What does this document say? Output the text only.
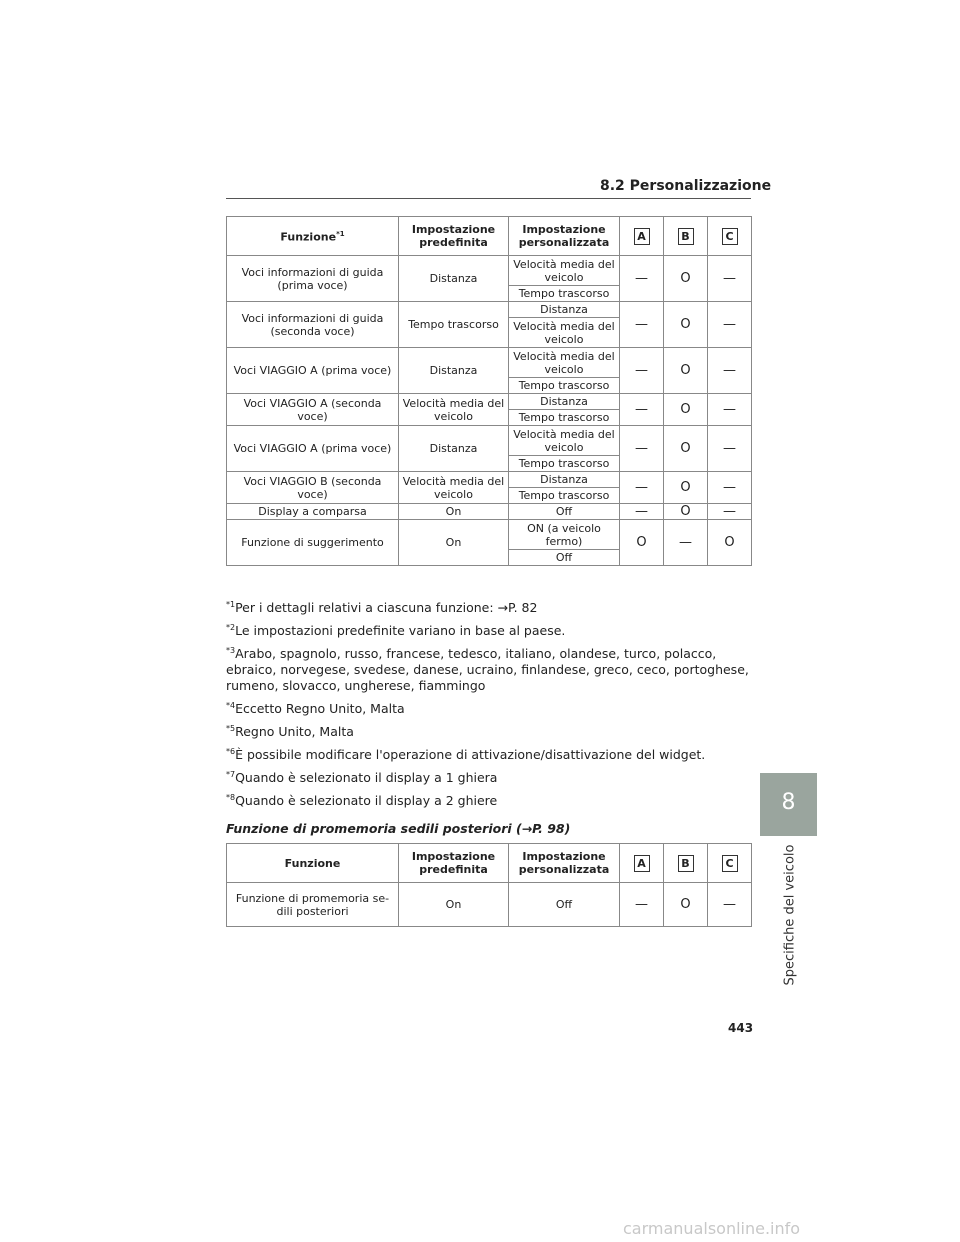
8.2 Personalizzazione
Funzione$^{*1}$	Impostazione predefinita	Impostazione personalizzata	A	B	C
Voci informazioni di guida (prima voce)	Distanza	Velocità media del veicolo	—	O	—
		Tempo trascorso			
Voci informazioni di guida (seconda voce)	Tempo trascorso	Distanza	—	O	—
		Velocità media del veicolo			
Voci VIAGGIO A (prima voce)	Distanza	Velocità media del veicolo	—	O	—
		Tempo trascorso			
Voci VIAGGIO A (seconda voce)	Velocità media del veicolo	Distanza	—	O	—
		Tempo trascorso			
Voci VIAGGIO A (prima voce)	Distanza	Velocità media del veicolo	—	O	—
		Tempo trascorso			
Voci VIAGGIO B (seconda voce)	Velocità media del veicolo	Distanza	—	O	—
		Tempo trascorso			
Display a comparsa	On	Off	—	O	—
Funzione di suggerimento	On	ON (a veicolo fermo)	O	—	O
		Off			

$^{*1}$Per i dettagli relativi a ciascuna funzione: →P. 82

$^{*2}$Le impostazioni predefinite variano in base al paese.

$^{*3}$Arabo, spagnolo, russo, francese, tedesco, italiano, olandese, turco, polacco, ebraico, norvegese, svedese, danese, ucraino, finlandese, greco, ceco, portoghese, rumeno, slovacco, ungherese, fiammingo

$^{*4}$Eccetto Regno Unito, Malta

$^{*5}$Regno Unito, Malta

$^{*6}$È possibile modificare l'operazione di attivazione/disattivazione del widget.

$^{*7}$Quando è selezionato il display a 1 ghiera

$^{*8}$Quando è selezionato il display a 2 ghiere

Funzione di promemoria sedili posteriori (→P. 98)
Funzione	Impostazione predefinita	Impostazione personalizzata	A	B	C
Funzione di promemoria se-dili posteriori	On	Off	—	O	—
8
Specifiche del veicolo
443
carmanualsonline.info
